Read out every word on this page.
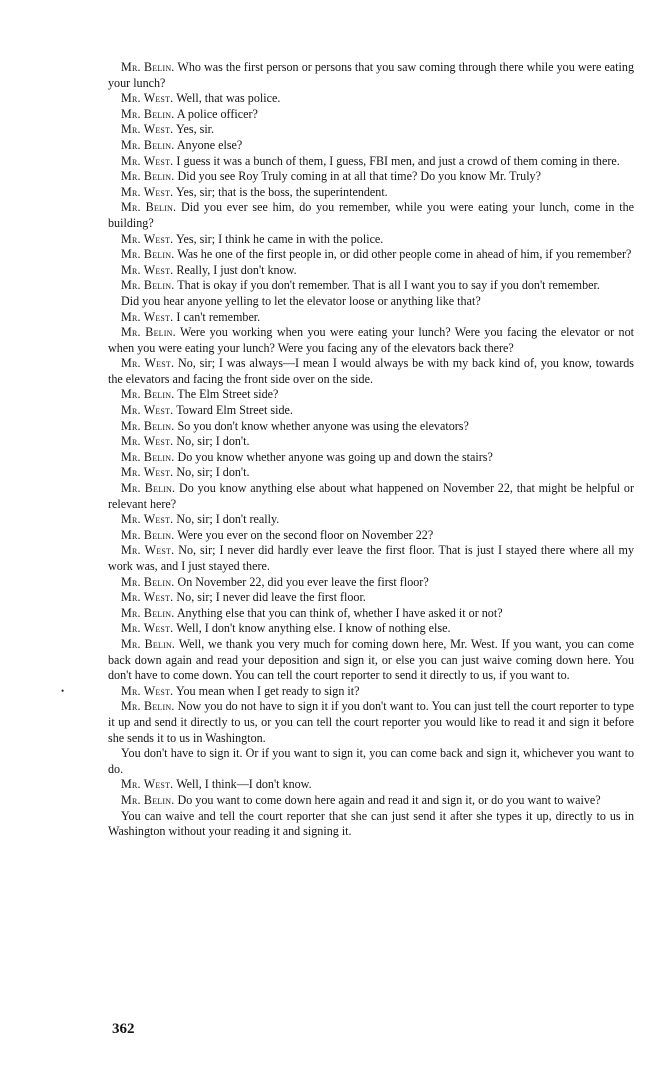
Mr. Belin. Who was the first person or persons that you saw coming through there while you were eating your lunch?

Mr. West. Well, that was police.

Mr. Belin. A police officer?

Mr. West. Yes, sir.

Mr. Belin. Anyone else?

Mr. West. I guess it was a bunch of them, I guess, FBI men, and just a crowd of them coming in there.

Mr. Belin. Did you see Roy Truly coming in at all that time? Do you know Mr. Truly?

Mr. West. Yes, sir; that is the boss, the superintendent.

Mr. Belin. Did you ever see him, do you remember, while you were eating your lunch, come in the building?

Mr. West. Yes, sir; I think he came in with the police.

Mr. Belin. Was he one of the first people in, or did other people come in ahead of him, if you remember?

Mr. West. Really, I just don't know.

Mr. Belin. That is okay if you don't remember. That is all I want you to say if you don't remember.

Did you hear anyone yelling to let the elevator loose or anything like that?

Mr. West. I can't remember.

Mr. Belin. Were you working when you were eating your lunch? Were you facing the elevator or not when you were eating your lunch? Were you facing any of the elevators back there?

Mr. West. No, sir; I was always—I mean I would always be with my back kind of, you know, towards the elevators and facing the front side over on the side.

Mr. Belin. The Elm Street side?

Mr. West. Toward Elm Street side.

Mr. Belin. So you don't know whether anyone was using the elevators?

Mr. West. No, sir; I don't.

Mr. Belin. Do you know whether anyone was going up and down the stairs?

Mr. West. No, sir; I don't.

Mr. Belin. Do you know anything else about what happened on November 22, that might be helpful or relevant here?

Mr. West. No, sir; I don't really.

Mr. Belin. Were you ever on the second floor on November 22?

Mr. West. No, sir; I never did hardly ever leave the first floor. That is just I stayed there where all my work was, and I just stayed there.

Mr. Belin. On November 22, did you ever leave the first floor?

Mr. West. No, sir; I never did leave the first floor.

Mr. Belin. Anything else that you can think of, whether I have asked it or not?

Mr. West. Well, I don't know anything else. I know of nothing else.

Mr. Belin. Well, we thank you very much for coming down here, Mr. West. If you want, you can come back down again and read your deposition and sign it, or else you can just waive coming down here. You don't have to come down. You can tell the court reporter to send it directly to us, if you want to.

Mr. West. You mean when I get ready to sign it?

Mr. Belin. Now you do not have to sign it if you don't want to. You can just tell the court reporter to type it up and send it directly to us, or you can tell the court reporter you would like to read it and sign it before she sends it to us in Washington.

You don't have to sign it. Or if you want to sign it, you can come back and sign it, whichever you want to do.

Mr. West. Well, I think—I don't know.

Mr. Belin. Do you want to come down here again and read it and sign it, or do you want to waive?

You can waive and tell the court reporter that she can just send it after she types it up, directly to us in Washington without your reading it and signing it.

•
362
